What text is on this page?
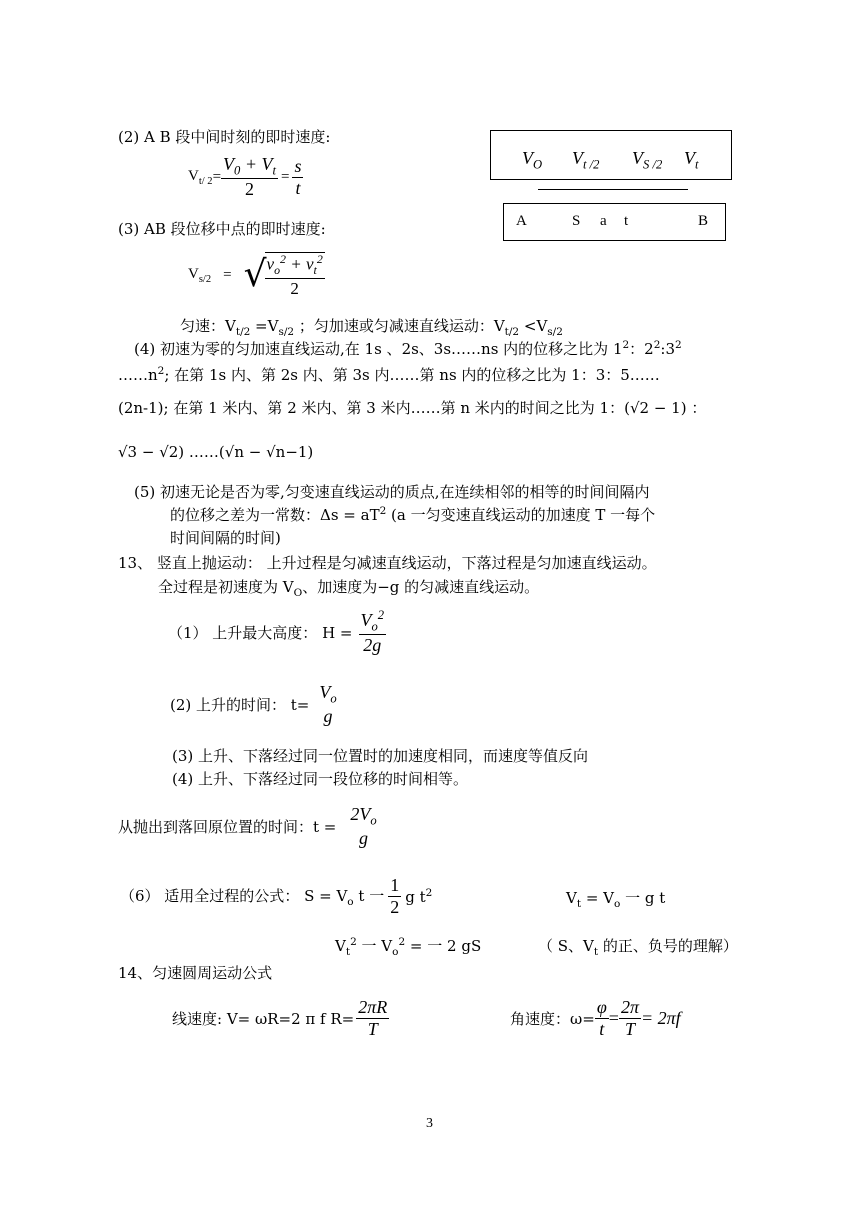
(2) A B 段中间时刻的即时速度:
$V_{t/ 2} = \frac{V_0 + V_t}{2} = \frac{s}{t}$	$V_O$ $V_{t /2}$ $V_{S /2}$ $V_t$
A	S a t	B
(3) AB 段位移中点的即时速度:
$V_{s/2}$ = √
$\frac{v_o^2 + v_t^2}{2}$
匀速：$V_{t/2} =V_{s/2}$ ；匀加速或匀减速直线运动：$V_{t/2} <V_{s/2}$
(4) 初速为零的匀加速直线运动,在 1s 、2s、3s……ns 内的位移之比为 $1^2$：$2^2:3^2$
$\dots\dots n^2$; 在第 1s 内、第 2s 内、第 3s 内……第 ns 内的位移之比为 1：3：5……
(2n-1); 在第 1 米内、第 2 米内、第 3 米内……第 n 米内的时间之比为 1：(√2 − 1) ：
√3 − √2) ……(√n − √n−1)
(5) 初速无论是否为零,匀变速直线运动的质点,在连续相邻的相等的时间间隔内
的位移之差为一常数：$\Delta s = aT^2$ (a 一匀变速直线运动的加速度 T 一每个
时间间隔的时间)
13、 竖直上抛运动： 上升过程是匀减速直线运动，下落过程是匀加速直线运动。
全过程是初速度为 $V_O$、加速度为−g 的匀减速直线运动。
（1） 上升最大高度： $H = \frac{V_o^2}{2g}$
(2) 上升的时间： t=
$V_o$
g
(3) 上升、下落经过同一位置时的加速度相同，而速度等值反向
(4) 上升、下落经过同一段位移的时间相等。
从抛出到落回原位置的时间：t =
$2V_o$
g
（6） 适用全过程的公式： $S = V_o$ t 一 $\frac{1}{2}$ g $t^2$	$V_t = V_o$ 一 g t
$V_t^2$ 一 $V_o^2$ = 一 2 gS	（ S、$V_t$ 的正、负号的理解）
14、匀速圆周运动公式
线速度: V= ωR=2 π f $R= \frac{2\pi R}{T}$	角速度：$\omega= \frac{\varphi}{t} = \frac{2\pi}{T} = 2\pi f$
3
